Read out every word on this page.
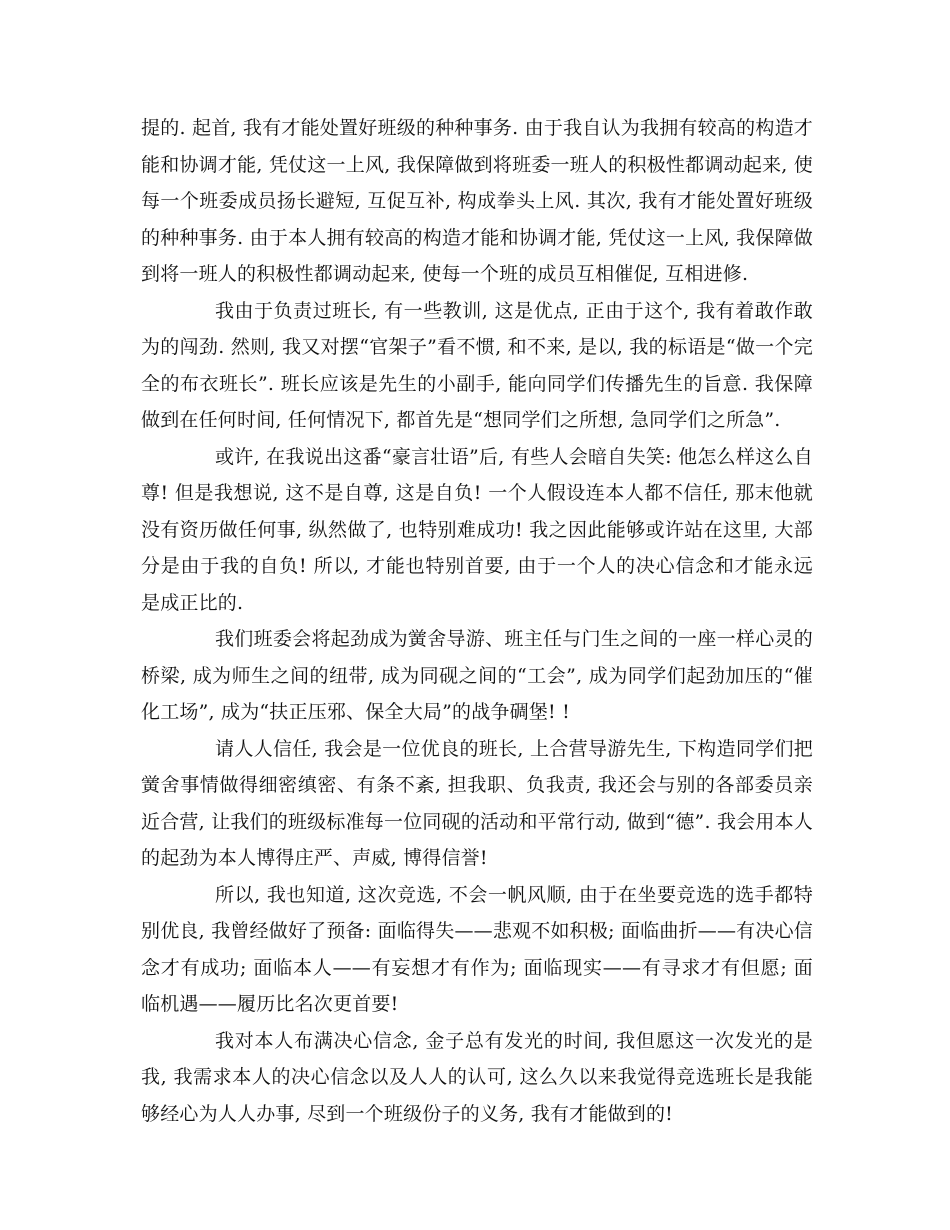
提的. 起首, 我有才能处置好班级的种种事务. 由于我自认为我拥有较高的构造才能和协调才能, 凭仗这一上风, 我保障做到将班委一班人的积极性都调动起来, 使每一个班委成员扬长避短, 互促互补, 构成拳头上风. 其次, 我有才能处置好班级的种种事务. 由于本人拥有较高的构造才能和协调才能, 凭仗这一上风, 我保障做到将一班人的积极性都调动起来, 使每一个班的成员互相催促, 互相进修.

我由于负责过班长, 有一些教训, 这是优点, 正由于这个, 我有着敢作敢为的闯劲. 然则, 我又对摆“官架子”看不惯, 和不来, 是以, 我的标语是“做一个完全的布衣班长”. 班长应该是先生的小副手, 能向同学们传播先生的旨意. 我保障做到在任何时间, 任何情况下, 都首先是“想同学们之所想, 急同学们之所急”.

或许, 在我说出这番“豪言壮语”后, 有些人会暗自失笑: 他怎么样这么自尊! 但是我想说, 这不是自尊, 这是自负! 一个人假设连本人都不信任, 那末他就没有资历做任何事, 纵然做了, 也特别难成功! 我之因此能够或许站在这里, 大部分是由于我的自负! 所以, 才能也特别首要, 由于一个人的决心信念和才能永远是成正比的.

我们班委会将起劲成为黉舍导游、班主任与门生之间的一座一样心灵的桥梁, 成为师生之间的纽带, 成为同砚之间的“工会”, 成为同学们起劲加压的“催化工场”, 成为“扶正压邪、保全大局”的战争碉堡! !

请人人信任, 我会是一位优良的班长, 上合营导游先生, 下构造同学们把黉舍事情做得细密缜密、有条不紊, 担我职、负我责, 我还会与别的各部委员亲近合营, 让我们的班级标准每一位同砚的活动和平常行动, 做到“德”. 我会用本人的起劲为本人博得庄严、声威, 博得信誉!

所以, 我也知道, 这次竞选, 不会一帆风顺, 由于在坐要竞选的选手都特别优良, 我曾经做好了预备: 面临得失——悲观不如积极; 面临曲折——有决心信念才有成功; 面临本人——有妄想才有作为; 面临现实——有寻求才有但愿; 面临机遇——履历比名次更首要!

我对本人布满决心信念, 金子总有发光的时间, 我但愿这一次发光的是我, 我需求本人的决心信念以及人人的认可, 这么久以来我觉得竞选班长是我能够经心为人人办事, 尽到一个班级份子的义务, 我有才能做到的!
